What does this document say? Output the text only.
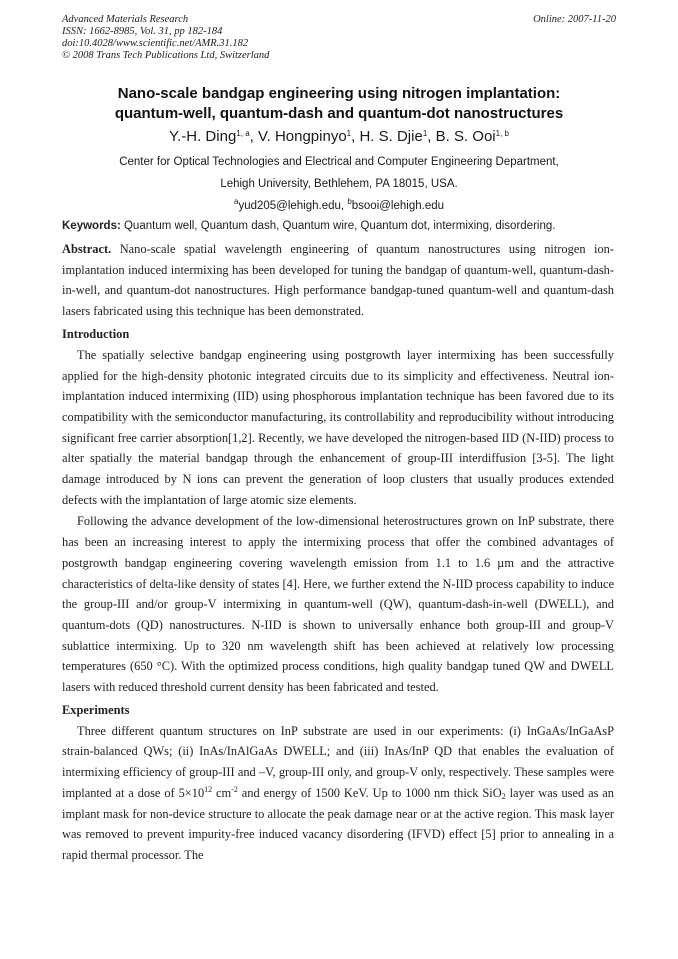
Advanced Materials Research
ISSN: 1662-8985, Vol. 31, pp 182-184
doi:10.4028/www.scientific.net/AMR.31.182
© 2008 Trans Tech Publications Ltd, Switzerland
Online: 2007-11-20
Nano-scale bandgap engineering using nitrogen implantation:
quantum-well, quantum-dash and quantum-dot nanostructures
Y.-H. Ding$^{1, a}$, V. Hongpinyo$^1$, H. S. Djie$^1$, B. S. Ooi$^{1, b}$
Center for Optical Technologies and Electrical and Computer Engineering Department,
Lehigh University, Bethlehem, PA 18015, USA.
$^a$yud205@lehigh.edu, $^b$bsooi@lehigh.edu

Keywords: Quantum well, Quantum dash, Quantum wire, Quantum dot, intermixing, disordering.

Abstract. Nano-scale spatial wavelength engineering of quantum nanostructures using nitrogen ion-implantation induced intermixing has been developed for tuning the bandgap of quantum-well, quantum-dash-in-well, and quantum-dot nanostructures. High performance bandgap-tuned quantum-well and quantum-dash lasers fabricated using this technique has been demonstrated.

Introduction

The spatially selective bandgap engineering using postgrowth layer intermixing has been successfully applied for the high-density photonic integrated circuits due to its simplicity and effectiveness. Neutral ion-implantation induced intermixing (IID) using phosphorous implantation technique has been favored due to its compatibility with the semiconductor manufacturing, its controllability and reproducibility without introducing significant free carrier absorption[1,2]. Recently, we have developed the nitrogen-based IID (N-IID) process to alter spatially the material bandgap through the enhancement of group-III interdiffusion [3-5]. The light damage introduced by N ions can prevent the generation of loop clusters that usually produces extended defects with the implantation of large atomic size elements.

Following the advance development of the low-dimensional heterostructures grown on InP substrate, there has been an increasing interest to apply the intermixing process that offer the combined advantages of postgrowth bandgap engineering covering wavelength emission from 1.1 to 1.6 µm and the attractive characteristics of delta-like density of states [4]. Here, we further extend the N-IID process capability to induce the group-III and/or group-V intermixing in quantum-well (QW), quantum-dash-in-well (DWELL), and quantum-dots (QD) nanostructures. N-IID is shown to universally enhance both group-III and group-V sublattice intermixing. Up to 320 nm wavelength shift has been achieved at relatively low processing temperatures (650 °C). With the optimized process conditions, high quality bandgap tuned QW and DWELL lasers with reduced threshold current density has been fabricated and tested.

Experiments

Three different quantum structures on InP substrate are used in our experiments: (i) InGaAs/InGaAsP strain-balanced QWs; (ii) InAs/InAlGaAs DWELL; and (iii) InAs/InP QD that enables the evaluation of intermixing efficiency of group-III and –V, group-III only, and group-V only, respectively. These samples were implanted at a dose of $5\times 10^{12}$ $cm^{-2}$ and energy of 1500 KeV. Up to 1000 nm thick SiO$_2$ layer was used as an implant mask for non-device structure to allocate the peak damage near or at the active region. This mask layer was removed to prevent impurity-free induced vacancy disordering (IFVD) effect [5] prior to annealing in a rapid thermal processor. The
